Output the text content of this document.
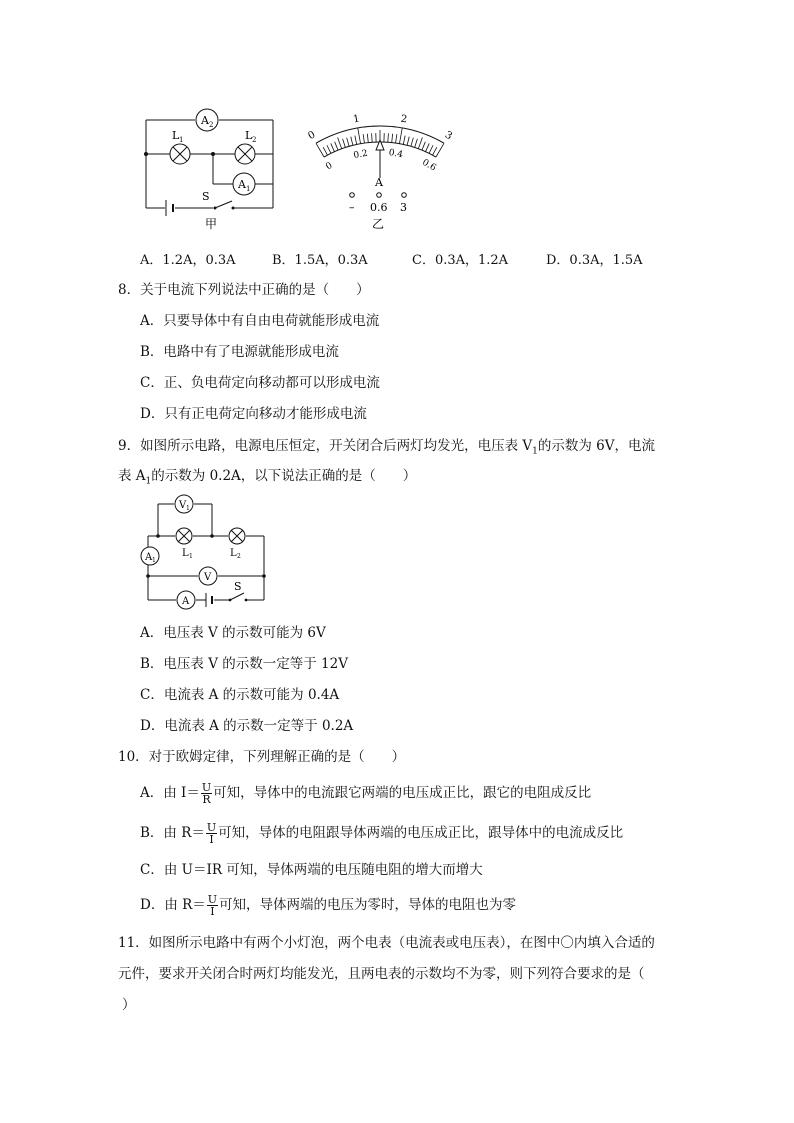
A 2
L 1	L 2
A 1
S
甲
0
1	2
3
0
0.2 0.4
0.6
A
– 0.6 3
乙
A．1.2A，0.3A	B．1.5A，0.3A	C．0.3A，1.2A	D．0.3A，1.5A
8．关于电流下列说法中正确的是（　　）
A．只要导体中有自由电荷就能形成电流
B．电路中有了电源就能形成电流
C．正、负电荷定向移动都可以形成电流
D．只有正电荷定向移动才能形成电流
9．如图所示电路，电源电压恒定，开关闭合后两灯均发光，电压表 $V_1$的示数为 6V，电流
表 $A_1$的示数为 0.2A，以下说法正确的是（　　）
V 1
L 1	L 2
A 1
V
A
S
A．电压表 V 的示数可能为 6V
B．电压表 V 的示数一定等于 12V
C．电流表 A 的示数可能为 0.4A
D．电流表 A 的示数一定等于 0.2A
10．对于欧姆定律，下列理解正确的是（　　）
A．由 $I= \frac{U}{R}$ 可知，导体中的电流跟它两端的电压成正比，跟它的电阻成反比
B．由 $R= \frac{U}{I}$ 可知，导体的电阻跟导体两端的电压成正比，跟导体中的电流成反比
C．由 U＝IR 可知，导体两端的电压随电阻的增大而增大
D．由 $R= \frac{U}{I}$ 可知，导体两端的电压为零时，导体的电阻也为零
11．如图所示电路中有两个小灯泡，两个电表（电流表或电压表），在图中〇内填入合适的
元件，要求开关闭合时两灯均能发光，且两电表的示数均不为零，则下列符合要求的是（
）
